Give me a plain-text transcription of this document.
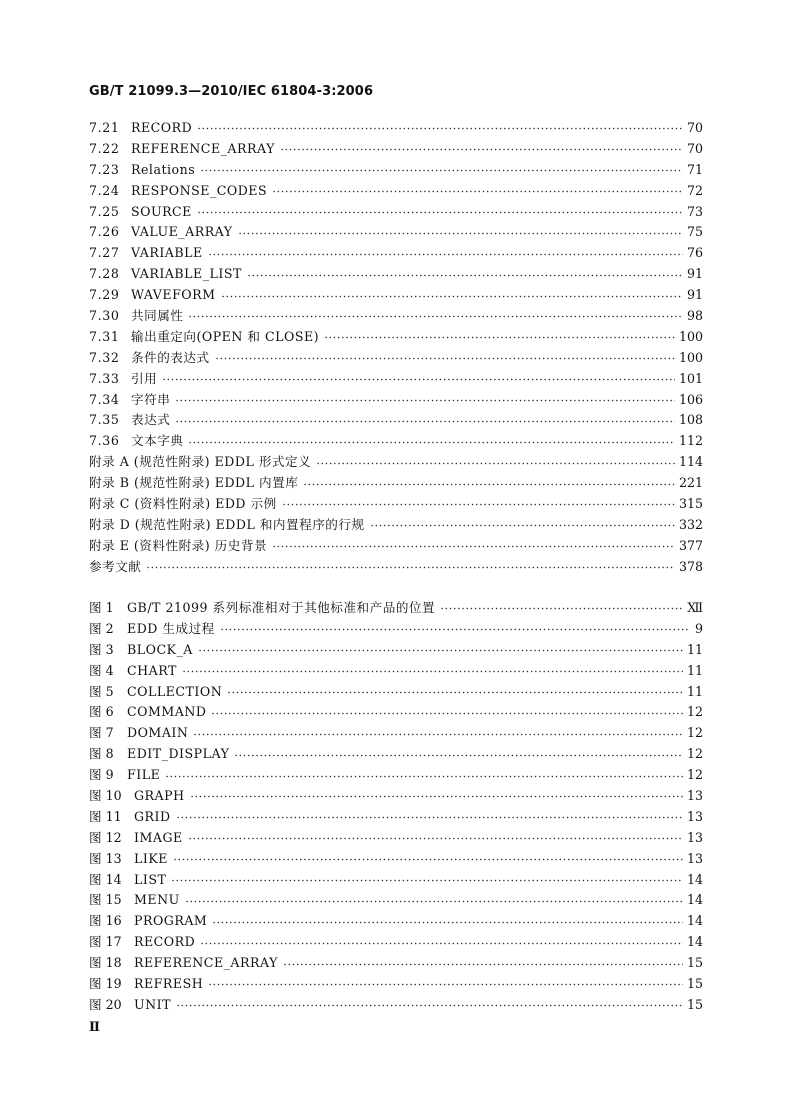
GB/T 21099.3—2010/IEC 61804-3:2006
7.21 RECORD	70
7.22 REFERENCE_ARRAY	70
7.23 Relations	71
7.24 RESPONSE_CODES	72
7.25 SOURCE	73
7.26 VALUE_ARRAY	75
7.27 VARIABLE	76
7.28 VARIABLE_LIST	91
7.29 WAVEFORM	91
7.30 共同属性	98
7.31 输出重定向(OPEN 和 CLOSE)	100
7.32 条件的表达式	100
7.33 引用	101
7.34 字符串	106
7.35 表达式	108
7.36 文本字典	112
附录 A (规范性附录) EDDL 形式定义	114
附录 B (规范性附录) EDDL 内置库	221
附录 C (资料性附录) EDD 示例	315
附录 D (规范性附录) EDDL 和内置程序的行规	332
附录 E (资料性附录) 历史背景	377
参考文献	378
图 1	GB/T 21099 系列标准相对于其他标准和产品的位置	Ⅻ
图 2	EDD 生成过程	9
图 3	BLOCK_A	11
图 4	CHART	11
图 5	COLLECTION	11
图 6	COMMAND	12
图 7	DOMAIN	12
图 8	EDIT_DISPLAY	12
图 9	FILE	12
图 10 GRAPH	13
图 11 GRID	13
图 12 IMAGE	13
图 13 LIKE	13
图 14 LIST	14
图 15 MENU	14
图 16 PROGRAM	14
图 17 RECORD	14
图 18 REFERENCE_ARRAY	15
图 19 REFRESH	15
图 20 UNIT	15
Ⅱ
